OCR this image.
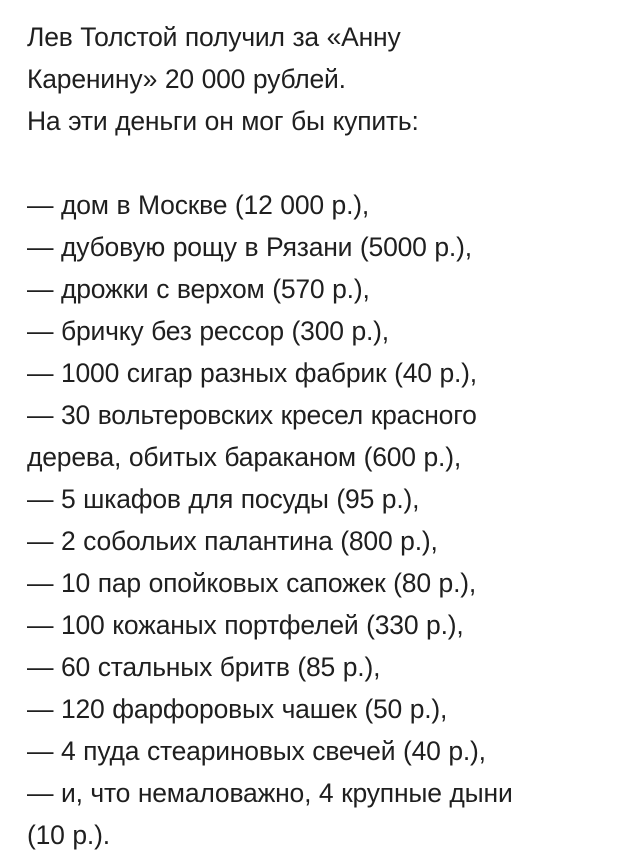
Лев Толстой получил за «Анну
Каренину» 20 000 рублей.
На эти деньги он мог бы купить:
— дом в Москве (12 000 р.),
— дубовую рощу в Рязани (5000 р.),
— дрожки с верхом (570 р.),
— бричку без рессор (300 р.),
— 1000 сигар разных фабрик (40 р.),
— 30 вольтеровских кресел красного
дерева, обитых бараканом (600 р.),
— 5 шкафов для посуды (95 р.),
— 2 собольих палантина (800 р.),
— 10 пар опойковых сапожек (80 р.),
— 100 кожаных портфелей (330 р.),
— 60 стальных бритв (85 р.),
— 120 фарфоровых чашек (50 р.),
— 4 пуда стеариновых свечей (40 р.),
— и, что немаловажно, 4 крупные дыни
(10 р.).
